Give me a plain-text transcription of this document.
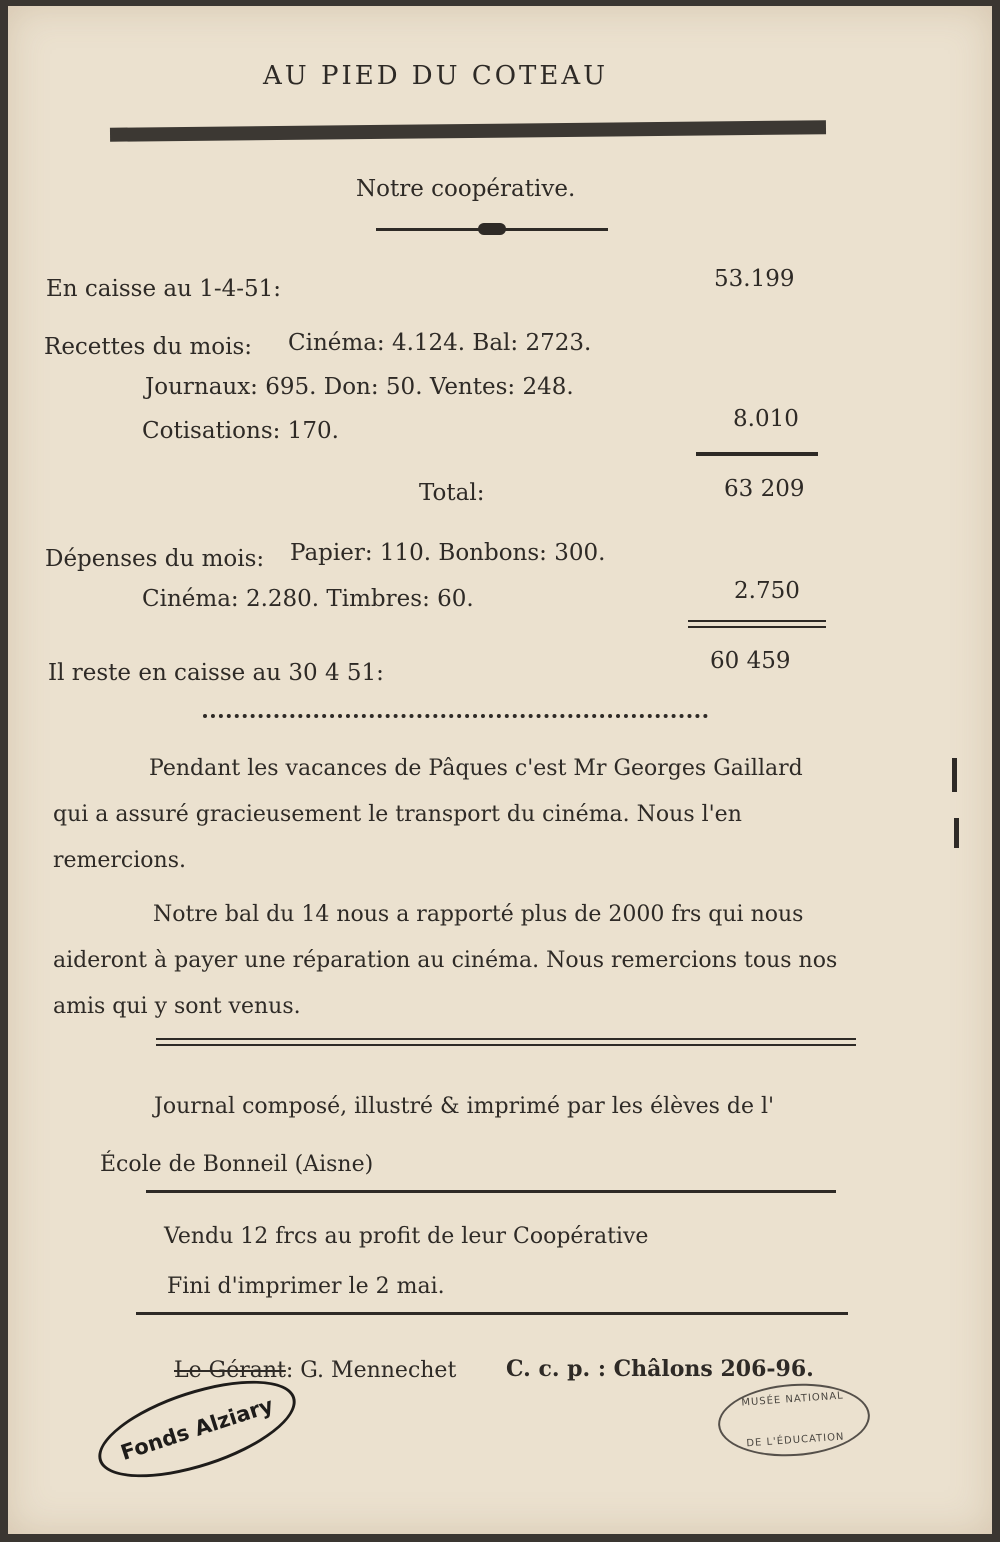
AU PIED DU COTEAU
Notre coopérative.
En caisse au 1-4-51:	53.199
Recettes du mois: Cinéma: 4.124. Bal: 2723.
Journaux: 695. Don: 50. Ventes: 248.
Cotisations: 170.	8.010
Total:	63 209
Dépenses du mois: Papier: 110. Bonbons: 300.
Cinéma: 2.280. Timbres: 60.	2.750
Il reste en caisse au 30 4 51:	60 459
Pendant les vacances de Pâques c'est Mr Georges Gaillard qui a assuré gracieusement le transport du cinéma. Nous l'en remercions.
Notre bal du 14 nous a rapporté plus de 2000 frs qui nous aideront à payer une réparation au cinéma. Nous remercions tous nos amis qui y sont venus.
Journal composé, illustré & imprimé par les élèves de l'
École de Bonneil (Aisne)
Vendu 12 frcs au profit de leur Coopérative
Fini d'imprimer le 2 mai.
Le Gérant: G. Mennechet C. c. p. : Châlons 206-96.
Fonds Alziary	MUSÉE NATIONAL
DE L'ÉDUCATION
